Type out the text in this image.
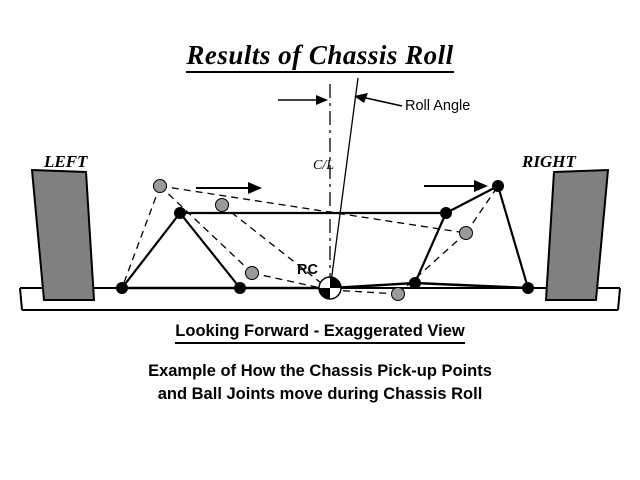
Results of Chassis Roll
LEFT	RIGHT
C/L
Roll Angle
RC
Looking Forward - Exaggerated View
Example of How the Chassis Pick-up Points
and Ball Joints move during Chassis Roll
